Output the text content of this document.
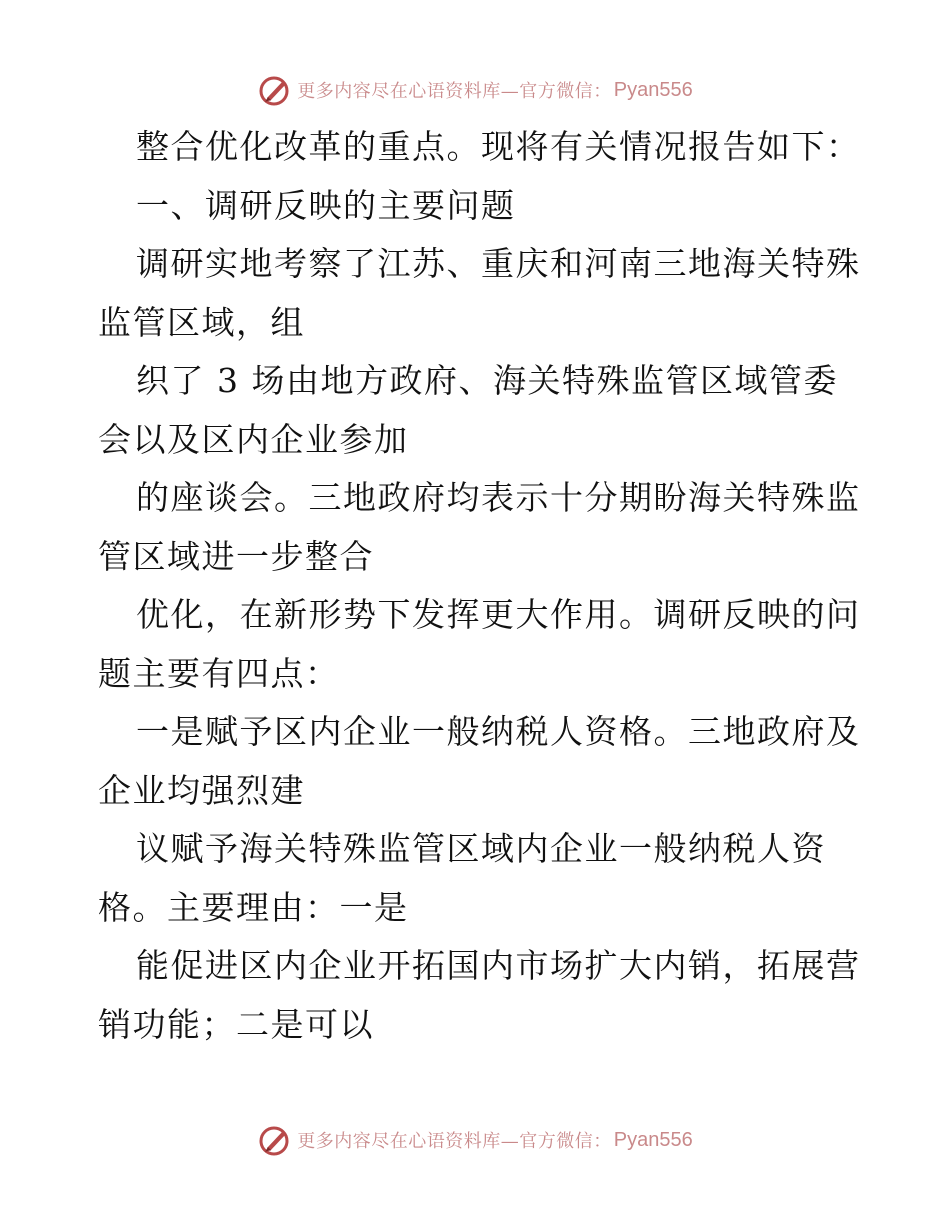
更多内容尽在心语资料库—官方微信： Pyan556
整合优化改革的重点。现将有关情况报告如下：
一、调研反映的主要问题
调研实地考察了江苏、重庆和河南三地海关特殊
监管区域，组
织了 3 场由地方政府、海关特殊监管区域管委
会以及区内企业参加
的座谈会。三地政府均表示十分期盼海关特殊监
管区域进一步整合
优化，在新形势下发挥更大作用。调研反映的问
题主要有四点：
一是赋予区内企业一般纳税人资格。三地政府及
企业均强烈建
议赋予海关特殊监管区域内企业一般纳税人资
格。主要理由：一是
能促进区内企业开拓国内市场扩大内销，拓展营
销功能；二是可以
更多内容尽在心语资料库—官方微信： Pyan556
